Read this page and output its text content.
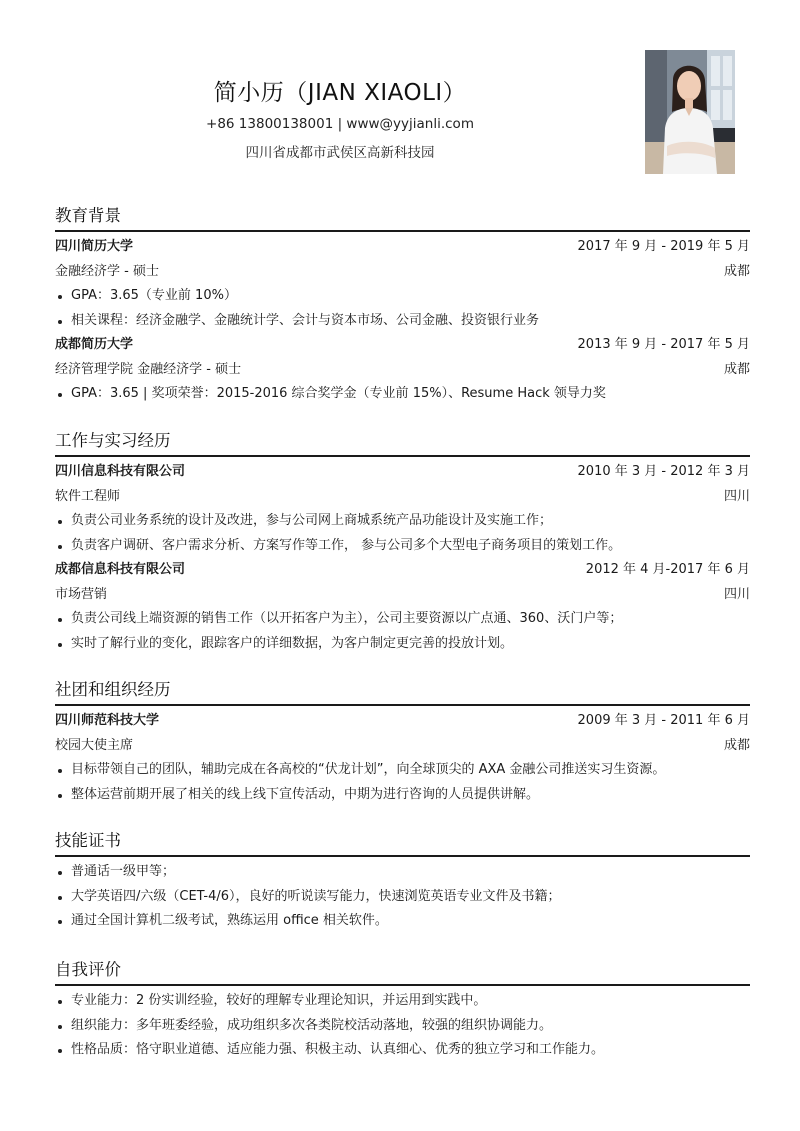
简小历（JIAN XIAOLI）
+86 13800138001 | www@yyjianli.com
四川省成都市武侯区高新科技园
教育背景
四川简历大学	2017 年 9 月 - 2019 年 5 月
金融经济学 - 硕士	成都
GPA：3.65（专业前 10%）
相关课程：经济金融学、金融统计学、会计与资本市场、公司金融、投资银行业务
成都简历大学	2013 年 9 月 - 2017 年 5 月
经济管理学院 金融经济学 - 硕士	成都
GPA：3.65 | 奖项荣誉：2015-2016 综合奖学金（专业前 15%）、Resume Hack 领导力奖
工作与实习经历
四川信息科技有限公司	2010 年 3 月 - 2012 年 3 月
软件工程师	四川
负责公司业务系统的设计及改进，参与公司网上商城系统产品功能设计及实施工作；
负责客户调研、客户需求分析、方案写作等工作， 参与公司多个大型电子商务项目的策划工作。
成都信息科技有限公司	2012 年 4 月-2017 年 6 月
市场营销	四川
负责公司线上端资源的销售工作（以开拓客户为主），公司主要资源以广点通、360、沃门户等；
实时了解行业的变化，跟踪客户的详细数据，为客户制定更完善的投放计划。
社团和组织经历
四川师范科技大学	2009 年 3 月 - 2011 年 6 月
校园大使主席	成都
目标带领自己的团队，辅助完成在各高校的“伏龙计划”，向全球顶尖的 AXA 金融公司推送实习生资源。
整体运营前期开展了相关的线上线下宣传活动，中期为进行咨询的人员提供讲解。
技能证书
普通话一级甲等；
大学英语四/六级（CET-4/6），良好的听说读写能力，快速浏览英语专业文件及书籍；
通过全国计算机二级考试，熟练运用 office 相关软件。
自我评价
专业能力：2 份实训经验，较好的理解专业理论知识，并运用到实践中。
组织能力：多年班委经验，成功组织多次各类院校活动落地，较强的组织协调能力。
性格品质：恪守职业道德、适应能力强、积极主动、认真细心、优秀的独立学习和工作能力。
